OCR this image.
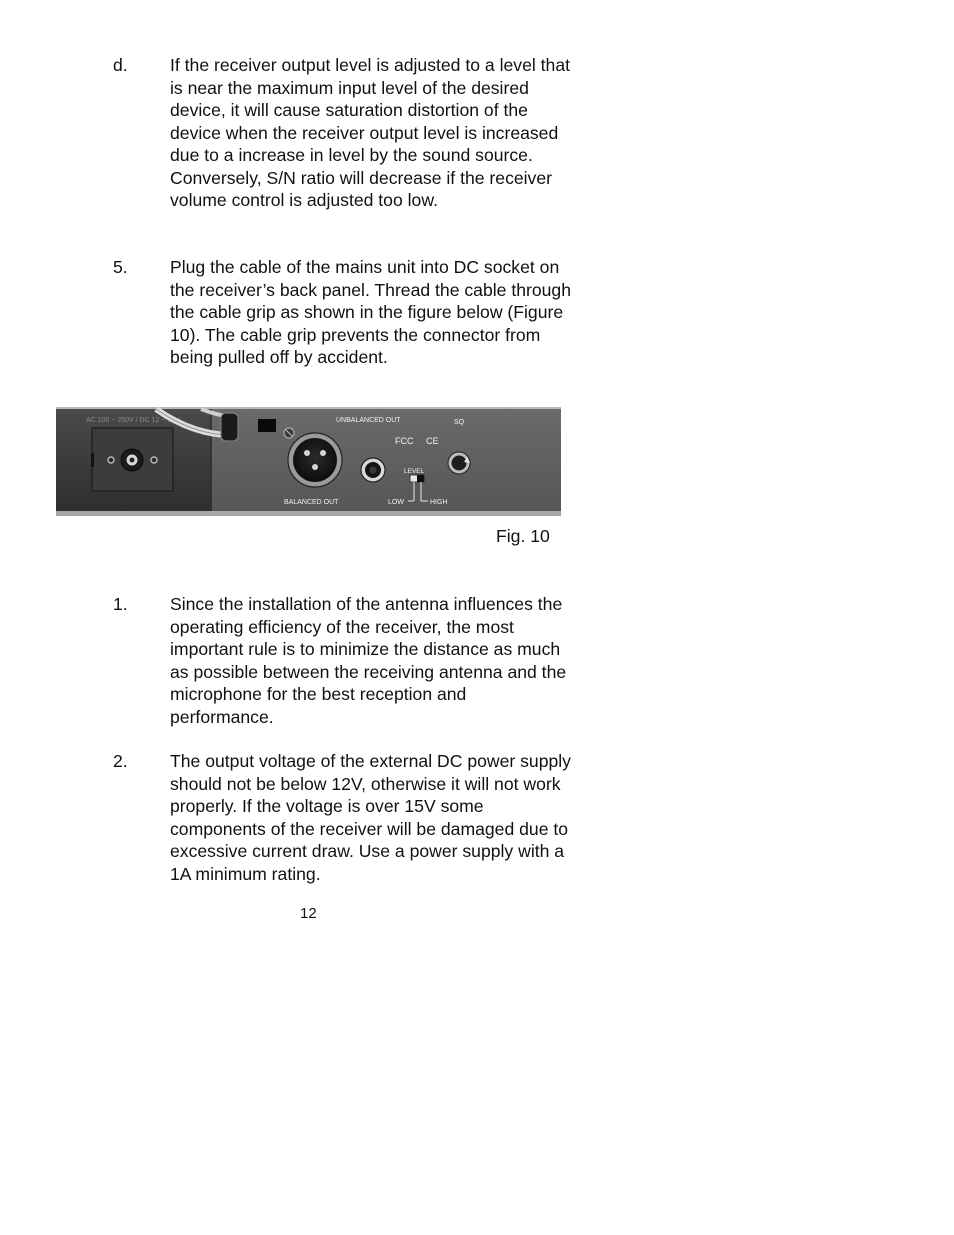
d. If the receiver output level is adjusted to a level that is near the maximum input level of the desired device, it will cause saturation distortion of the device when the receiver output level is increased due to a increase in level by the sound source. Conversely, S/N ratio will decrease if the receiver volume control is adjusted too low.
5. Plug the cable of the mains unit into DC socket on the receiver’s back panel. Thread the cable through the cable grip as shown in the figure below (Figure 10). The cable grip prevents the connector from being pulled off by accident.
AC 100 ~ 250V / DC 12 ~ 15V	UNBALANCED OUT
BALANCED OUT
FCC CE
LEVEL
LOW	HIGH
SQ
Fig. 10
1. Since the installation of the antenna influences the operating efficiency of the receiver, the most important rule is to minimize the distance as much as possible between the receiving antenna and the microphone for the best reception and performance.
2. The output voltage of the external DC power supply should not be below 12V, otherwise it will not work properly. If the voltage is over 15V some components of the receiver will be damaged due to excessive current draw. Use a power supply with a 1A minimum rating.
12
